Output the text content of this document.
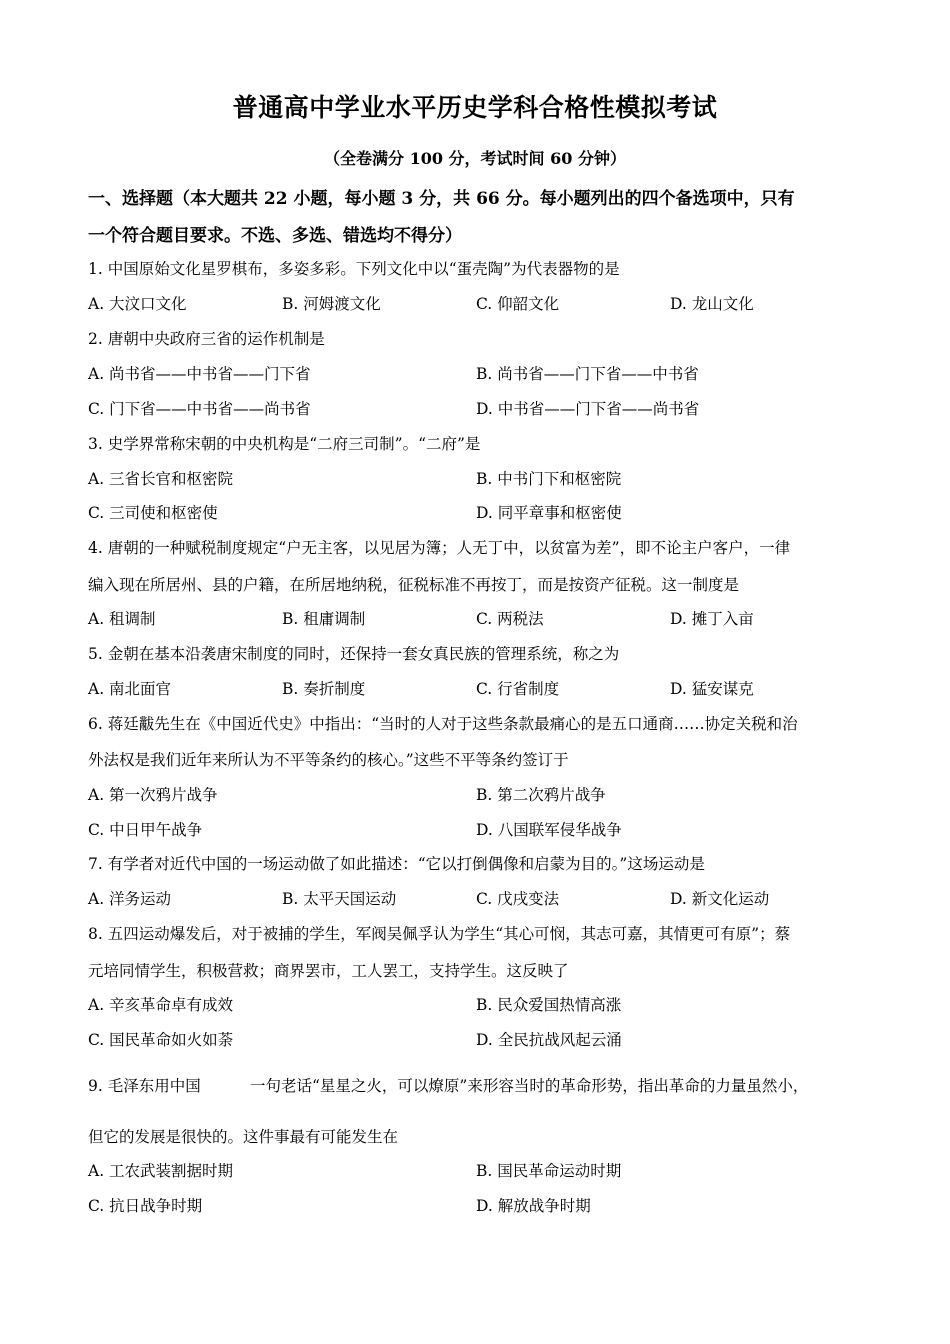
普通高中学业水平历史学科合格性模拟考试
（全卷满分 100 分，考试时间 60 分钟）
一、选择题（本大题共 22 小题，每小题 3 分，共 66 分。每小题列出的四个备选项中，只有
一个符合题目要求。不选、多选、错选均不得分）
1. 中国原始文化星罗棋布，多姿多彩。下列文化中以“蛋壳陶”为代表器物的是
A. 大汶口文化	B. 河姆渡文化	C. 仰韶文化	D. 龙山文化
2. 唐朝中央政府三省的运作机制是
A. 尚书省——中书省——门下省	B. 尚书省——门下省——中书省
C. 门下省——中书省——尚书省	D. 中书省——门下省——尚书省
3. 史学界常称宋朝的中央机构是“二府三司制”。“二府”是
A. 三省长官和枢密院	B. 中书门下和枢密院
C. 三司使和枢密使	D. 同平章事和枢密使
4. 唐朝的一种赋税制度规定“户无主客，以见居为簿；人无丁中，以贫富为差”，即不论主户客户，一律
编入现在所居州、县的户籍，在所居地纳税，征税标准不再按丁，而是按资产征税。这一制度是
A. 租调制	B. 租庸调制	C. 两税法	D. 摊丁入亩
5. 金朝在基本沿袭唐宋制度的同时，还保持一套女真民族的管理系统，称之为
A. 南北面官	B. 奏折制度	C. 行省制度	D. 猛安谋克
6. 蒋廷黻先生在《中国近代史》中指出：“当时的人对于这些条款最痛心的是五口通商……协定关税和治
外法权是我们近年来所认为不平等条约的核心。”这些不平等条约签订于
A. 第一次鸦片战争	B. 第二次鸦片战争
C. 中日甲午战争	D. 八国联军侵华战争
7. 有学者对近代中国的一场运动做了如此描述：“它以打倒偶像和启蒙为目的。”这场运动是
A. 洋务运动	B. 太平天国运动	C. 戊戌变法	D. 新文化运动
8. 五四运动爆发后，对于被捕的学生，军阀吴佩孚认为学生“其心可悯，其志可嘉，其情更可有原”；蔡
元培同情学生，积极营救；商界罢市，工人罢工，支持学生。这反映了
A. 辛亥革命卓有成效	B. 民众爱国热情高涨
C. 国民革命如火如荼	D. 全民抗战风起云涌
9. 毛泽东用中国	一句老话“星星之火，可以燎原”来形容当时的革命形势，指出革命的力量虽然小，
但它的发展是很快的。这件事最有可能发生在
A. 工农武装割据时期	B. 国民革命运动时期
C. 抗日战争时期	D. 解放战争时期
